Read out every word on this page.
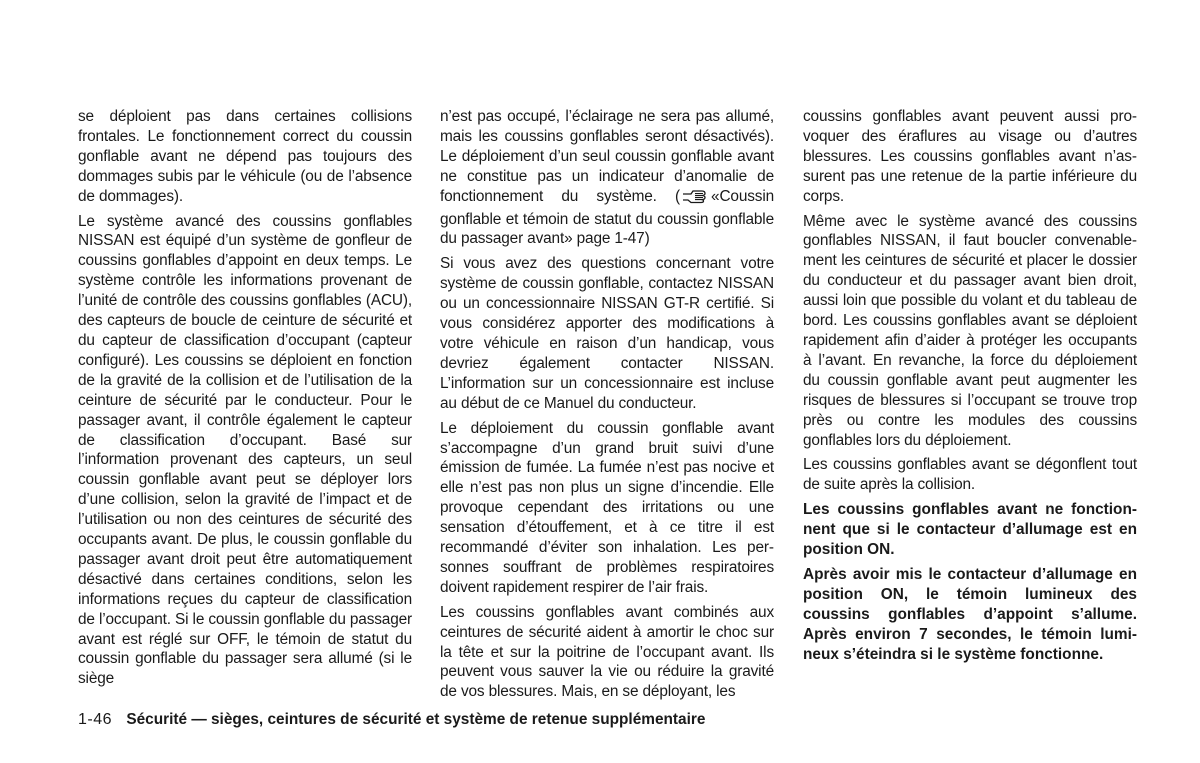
se déploient pas dans certaines collisions frontales. Le fonctionnement correct du coussin gonflable avant ne dépend pas toujours des dommages subis par le véhicule (ou de l’absence de dommages).

Le système avancé des coussins gonflables NISSAN est équipé d’un système de gonfleur de coussins gonflables d’appoint en deux temps. Le système contrôle les informations provenant de l’unité de contrôle des coussins gonflables (ACU), des capteurs de boucle de ceinture de sécurité et du capteur de classification d’occupant (capteur configuré). Les coussins se déploient en fonction de la gravité de la collision et de l’utilisation de la ceinture de sécurité par le conducteur. Pour le passager avant, il contrôle également le capteur de classification d’occupant. Basé sur l’information provenant des capteurs, un seul coussin gonflable avant peut se déployer lors d’une collision, selon la gravité de l’impact et de l’utilisation ou non des ceintures de sécurité des occupants avant. De plus, le coussin gonflable du passager avant droit peut être automatiquement désactivé dans certaines conditions, selon les informations reçues du capteur de classification de l’occupant. Si le coussin gonflable du passager avant est réglé sur OFF, le témoin de statut du coussin gonflable du passager sera allumé (si le siège

n’est pas occupé, l’éclairage ne sera pas allumé, mais les coussins gonflables seront désactivés). Le déploiement d’un seul coussin gonflable avant ne constitue pas un indicateur d’anomalie de fonctionnement du système. ( «Coussin gonflable et témoin de statut du coussin gonflable du passager avant» page 1-47)

Si vous avez des questions concernant votre système de coussin gonflable, contactez NISSAN ou un concessionnaire NISSAN GT-R certifié. Si vous considérez apporter des modifications à votre véhicule en raison d’un handicap, vous devriez également contacter NISSAN. L’information sur un concessionnaire est incluse au début de ce Manuel du conducteur.

Le déploiement du coussin gonflable avant s’accompagne d’un grand bruit suivi d’une émission de fumée. La fumée n’est pas nocive et elle n’est pas non plus un signe d’incendie. Elle provoque cependant des irritations ou une sensation d’étouffement, et à ce titre il est recommandé d’éviter son inhalation. Les personnes souffrant de problèmes respiratoires doivent rapidement respirer de l’air frais.

Les coussins gonflables avant combinés aux ceintures de sécurité aident à amortir le choc sur la tête et sur la poitrine de l’occupant avant. Ils peuvent vous sauver la vie ou réduire la gravité de vos blessures. Mais, en se déployant, les

coussins gonflables avant peuvent aussi provoquer des éraflures au visage ou d’autres blessures. Les coussins gonflables avant n’assurent pas une retenue de la partie inférieure du corps.

Même avec le système avancé des coussins gonflables NISSAN, il faut boucler convenablement les ceintures de sécurité et placer le dossier du conducteur et du passager avant bien droit, aussi loin que possible du volant et du tableau de bord. Les coussins gonflables avant se déploient rapidement afin d’aider à protéger les occupants à l’avant. En revanche, la force du déploiement du coussin gonflable avant peut augmenter les risques de blessures si l’occupant se trouve trop près ou contre les modules des coussins gonflables lors du déploiement.

Les coussins gonflables avant se dégonflent tout de suite après la collision.

Les coussins gonflables avant ne fonctionnent que si le contacteur d’allumage est en position ON.

Après avoir mis le contacteur d’allumage en position ON, le témoin lumineux des coussins gonflables d’appoint s’allume. Après environ 7 secondes, le témoin lumineux s’éteindra si le système fonctionne.

1-46 Sécurité — sièges, ceintures de sécurité et système de retenue supplémentaire
